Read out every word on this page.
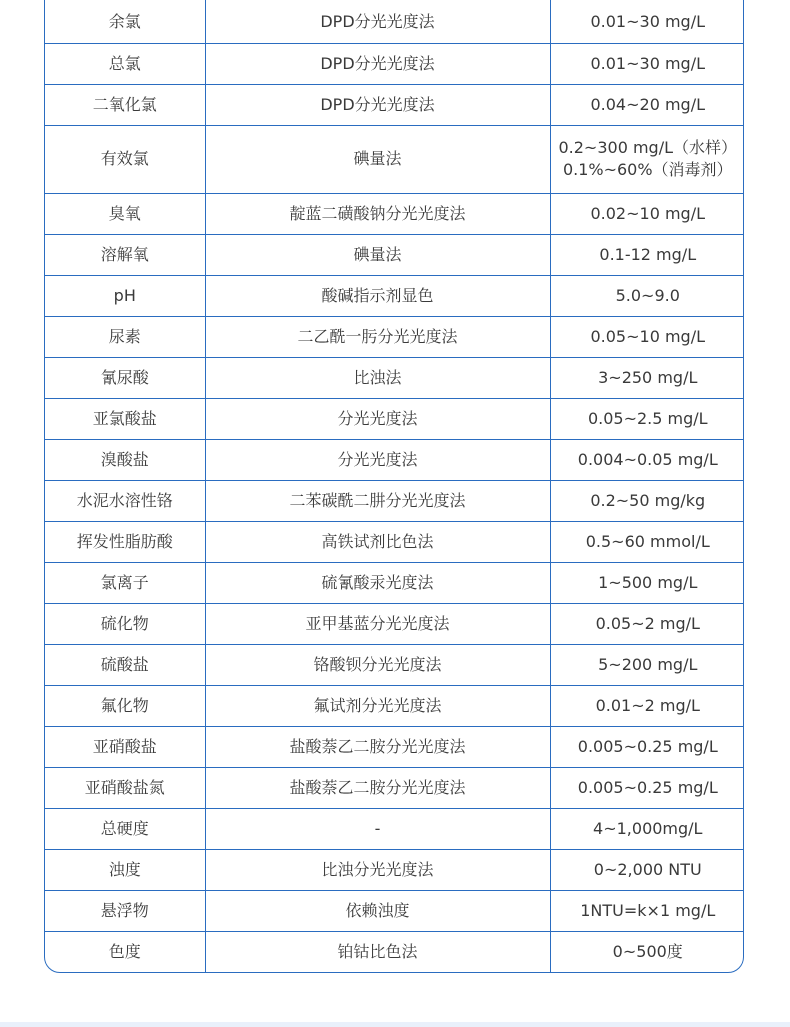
余氯	DPD分光光度法	0.01~30 mg/L

总氯	DPD分光光度法	0.01~30 mg/L

二氧化氯	DPD分光光度法	0.04~20 mg/L

有效氯	碘量法	0.2~300 mg/L（水样）
0.1%~60%（消毒剂）

臭氧	靛蓝二磺酸钠分光光度法	0.02~10 mg/L

溶解氧	碘量法	0.1-12 mg/L

pH	酸碱指示剂显色	5.0~9.0

尿素	二乙酰一肟分光光度法	0.05~10 mg/L

氰尿酸	比浊法	3~250 mg/L

亚氯酸盐	分光光度法	0.05~2.5 mg/L

溴酸盐	分光光度法	0.004~0.05 mg/L

水泥水溶性铬	二苯碳酰二肼分光光度法	0.2~50 mg/kg

挥发性脂肪酸	高铁试剂比色法	0.5~60 mmol/L

氯离子	硫氰酸汞光度法	1~500 mg/L

硫化物	亚甲基蓝分光光度法	0.05~2 mg/L

硫酸盐	铬酸钡分光光度法	5~200 mg/L

氟化物	氟试剂分光光度法	0.01~2 mg/L

亚硝酸盐	盐酸萘乙二胺分光光度法	0.005~0.25 mg/L

亚硝酸盐氮	盐酸萘乙二胺分光光度法	0.005~0.25 mg/L

总硬度	-	4~1,000mg/L

浊度	比浊分光光度法	0~2,000 NTU

悬浮物	依赖浊度	1NTU=k×1 mg/L

色度	铂钴比色法	0~500度
